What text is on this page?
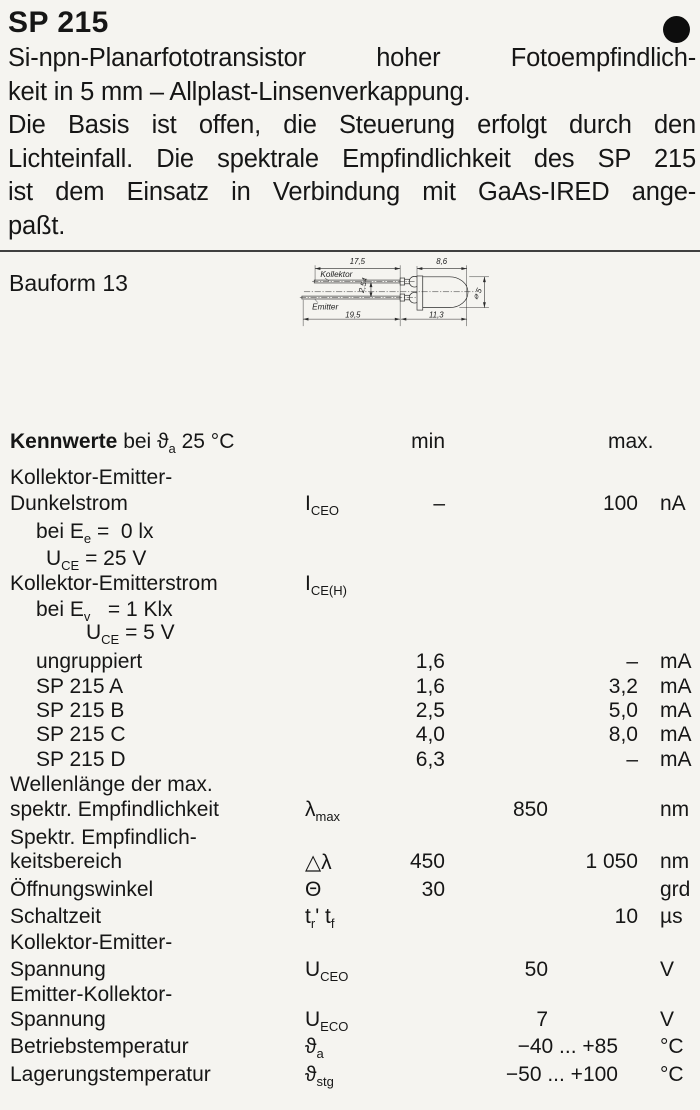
SP 215
Si-npn-Planarfototransistor hoher Fotoempfindlich-
keit in 5 mm – Allplast-Linsenverkappung.
Die Basis ist offen, die Steuerung erfolgt durch den
Lichteinfall. Die spektrale Empfindlichkeit des SP 215
ist dem Einsatz in Verbindung mit GaAs-IRED ange-
paßt.
Bauform 13
17,5	8,6
19,5	11,3
2,54
⌀ 5
Kollektor
Emitter
Kennwerte bei $ϑ_a$ 25 °C	min	max.
Kollektor-Emitter-
Dunkelstrom	$I_{CEO}$	–	100 nA
bei $E_e = 0$ lx
$U_{CE} = 25$ V
Kollektor-Emitterstrom	$I_{CE(H)}$
bei $E_v = 1$ Klx
$U_{CE} = 5$ V
ungruppiert	1,6	– mA
SP 215 A	1,6	3,2 mA
SP 215 B	2,5	5,0 mA
SP 215 C	4,0	8,0 mA
SP 215 D	6,3	– mA
Wellenlänge der max.
spektr. Empfindlichkeit	$\lambda_{max}$	850	nm
Spektr. Empfindlich-
keitsbereich	△λ	450	1 050 nm
Öffnungswinkel	Θ	30	grd
Schaltzeit	$t_r'$ $t_f$	10 µs
Kollektor-Emitter-
Spannung	$U_{CEO}$	50	V
Emitter-Kollektor-
Spannung	$U_{ECO}$	7	V
Betriebstemperatur	$ϑ_a$	−40 ... +85 °C
Lagerungstemperatur	$ϑ_{stg}$	−50 ... +100 °C
